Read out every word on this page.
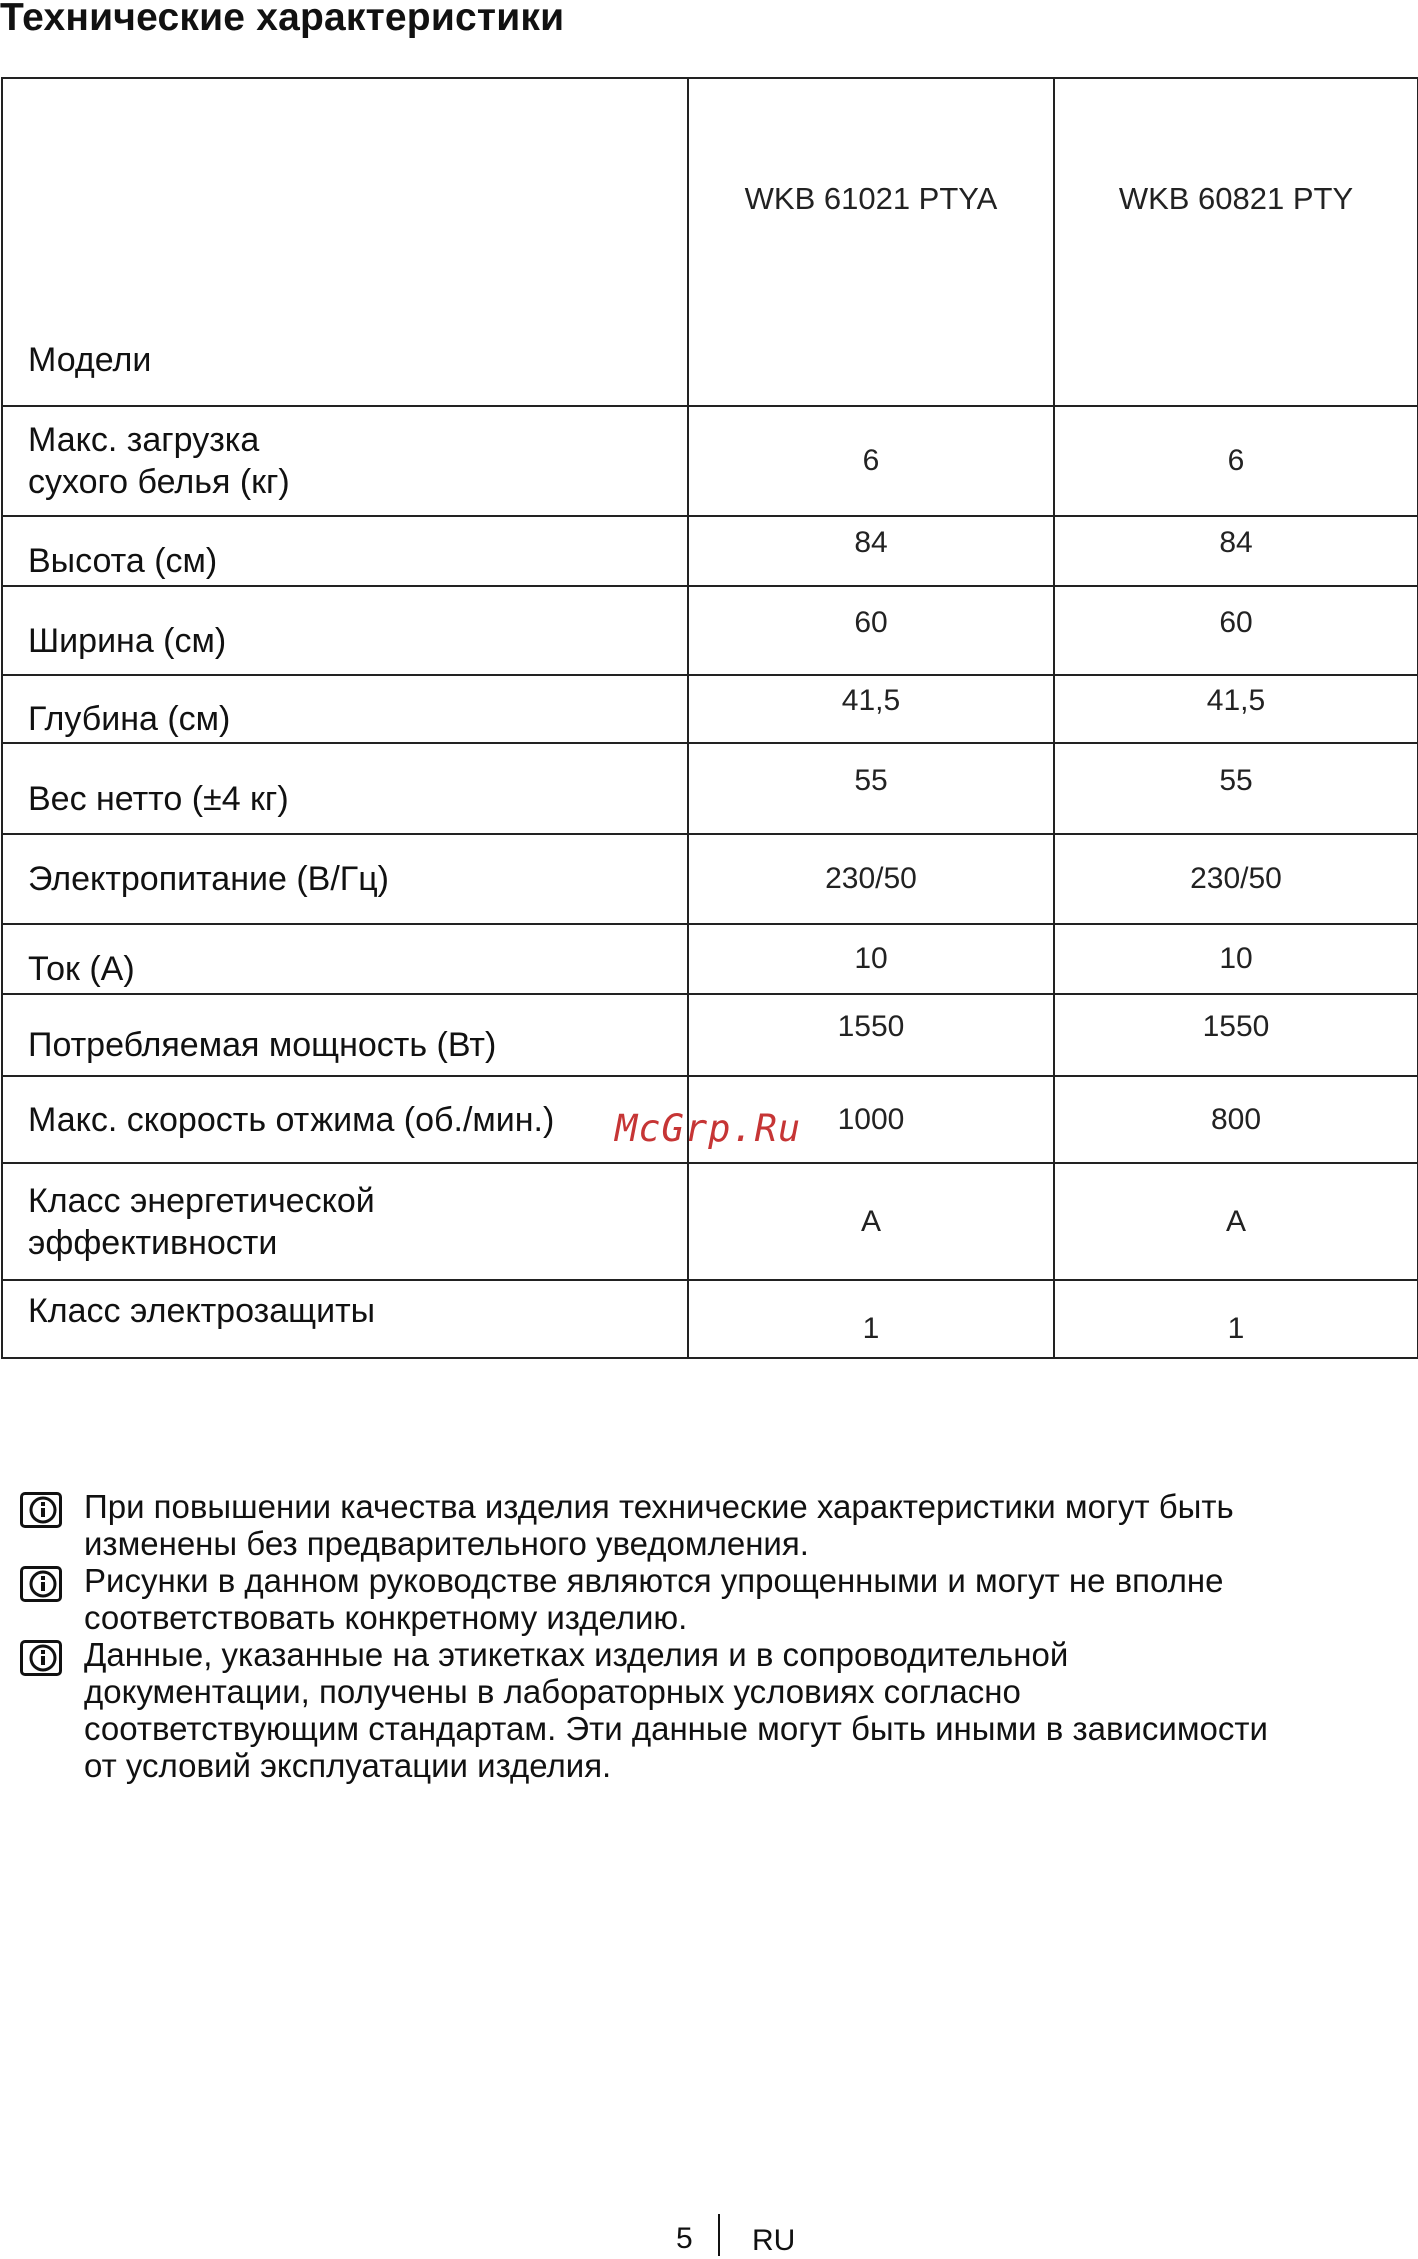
Технические характеристики
Модели	WKB 61021 PTYA	WKB 60821 PTY

Макс. загрузка
сухого белья (кг)	6	6
Высота (см)	84	84
Ширина (см)	60	60
Глубина (см)	41,5	41,5
Вес нетто (±4 кг)	55	55
Электропитание (В/Гц)	230/50	230/50
Ток (А)	10	10
Потребляемая мощность (Вт)	1550	1550
Макс. скорость отжима (об./мин.)	1000	800

Класс энергетической
эффективности	A	A
Класс электрозащиты	1	1
McGrp.Ru
При повышении качества изделия технические характеристики могут быть
изменены без предварительного уведомления.
Рисунки в данном руководстве являются упрощенными и могут не вполне
соответствовать конкретному изделию.
Данные, указанные на этикетках изделия и в сопроводительной
документации, получены в лабораторных условиях согласно
соответствующим стандартам. Эти данные могут быть иными в зависимости
от условий эксплуатации изделия.
5 RU
